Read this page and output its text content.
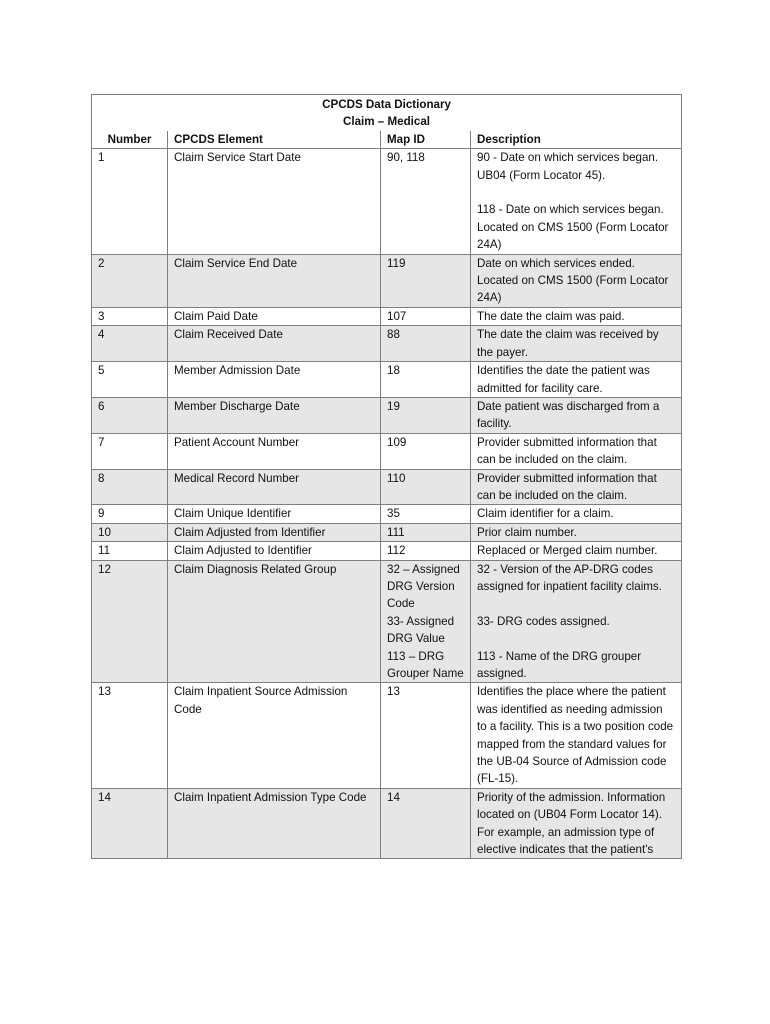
CPCDS Data Dictionary
Claim – Medical			

Number	CPCDS Element	Map ID	Description
1	Claim Service Start Date	90, 118	90 - Date on which services began. UB04 (Form Locator 45).

118 - Date on which services began. Located on CMS 1500 (Form Locator 24A)
2	Claim Service End Date	119	Date on which services ended. Located on CMS 1500 (Form Locator 24A)
3	Claim Paid Date	107	The date the claim was paid.
4	Claim Received Date	88	The date the claim was received by the payer.
5	Member Admission Date	18	Identifies the date the patient was admitted for facility care.
6	Member Discharge Date	19	Date patient was discharged from a facility.
7	Patient Account Number	109	Provider submitted information that can be included on the claim.
8	Medical Record Number	110	Provider submitted information that can be included on the claim.
9	Claim Unique Identifier	35	Claim identifier for a claim.
10	Claim Adjusted from Identifier	111	Prior claim number.
11	Claim Adjusted to Identifier	112	Replaced or Merged claim number.
12	Claim Diagnosis Related Group	32 – Assigned DRG Version Code
33- Assigned DRG Value
113 – DRG Grouper Name	32 - Version of the AP-DRG codes assigned for inpatient facility claims.

33- DRG codes assigned.

113 - Name of the DRG grouper assigned.
13	Claim Inpatient Source Admission Code	13	Identifies the place where the patient was identified as needing admission to a facility. This is a two position code mapped from the standard values for the UB-04 Source of Admission code (FL-15).
14	Claim Inpatient Admission Type Code	14	Priority of the admission. Information located on (UB04 Form Locator 14). For example, an admission type of elective indicates that the patient's
